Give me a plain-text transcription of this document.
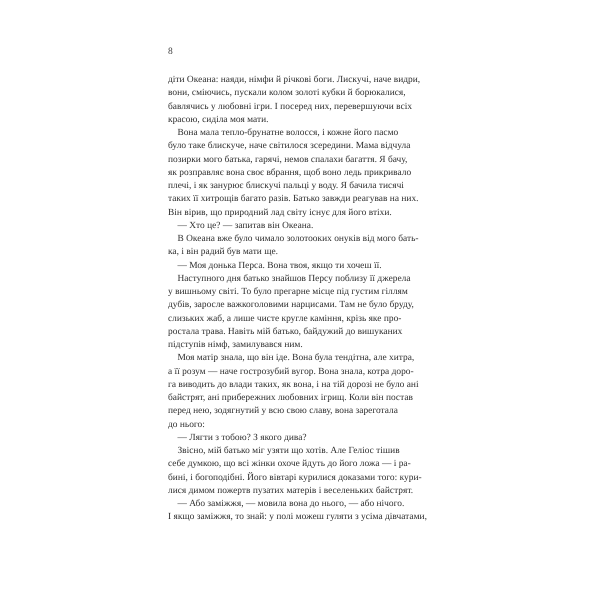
8
діти Океана: наяди, німфи й річкові боги. Лискучі, наче видри,
вони, сміючись, пускали колом золоті кубки й борюкалися,
бавлячись у любовні ігри. І посеред них, перевершуючи всіх
красою, сиділа моя мати.
Вона мала тепло-брунатне волосся, і кожне його пасмо
було таке блискуче, наче світилося зсередини. Мама відчула
позирки мого батька, гарячі, немов спалахи багаття. Я бачу,
як розправляє вона своє вбрання, щоб воно ледь прикривало
плечі, і як занурює блискучі пальці у воду. Я бачила тисячі
таких її хитрощів багато разів. Батько завжди реагував на них.
Він вірив, що природний лад світу існує для його втіхи.
— Хто це? — запитав він Океана.
В Океана вже було чимало золотооких онуків від мого бать-
ка, і він радий був мати ще.
— Моя донька Перса. Вона твоя, якщо ти хочеш її.
Наступного дня батько знайшов Персу поблизу її джерела
у вишньому світі. То було прегарне місце під густим гіллям
дубів, заросле важкоголовими нарцисами. Там не було бруду,
слизьких жаб, а лише чисте кругле каміння, крізь яке про-
ростала трава. Навіть мій батько, байдужий до вишуканих
підступів німф, замилувався ним.
Моя матір знала, що він іде. Вона була тендітна, але хитра,
а її розум — наче гострозубий вугор. Вона знала, котра доро-
га виводить до влади таких, як вона, і на тій дорозі не було ані
байстрят, ані прибережних любовних ігрищ. Коли він постав
перед нею, зодягнутий у всю свою славу, вона зареготала
до нього:
— Лягти з тобою? З якого дива?
Звісно, мій батько міг узяти що хотів. Але Геліос тішив
себе думкою, що всі жінки охоче йдуть до його ложа — і ра-
бині, і богоподібні. Його вівтарі курилися доказами того: кури-
лися димом пожертв пузатих матерів і веселеньких байстрят.
— Або заміжжя, — мовила вона до нього, — або нічого.
І якщо заміжжя, то знай: у полі можеш гуляти з усіма дівчатами,
